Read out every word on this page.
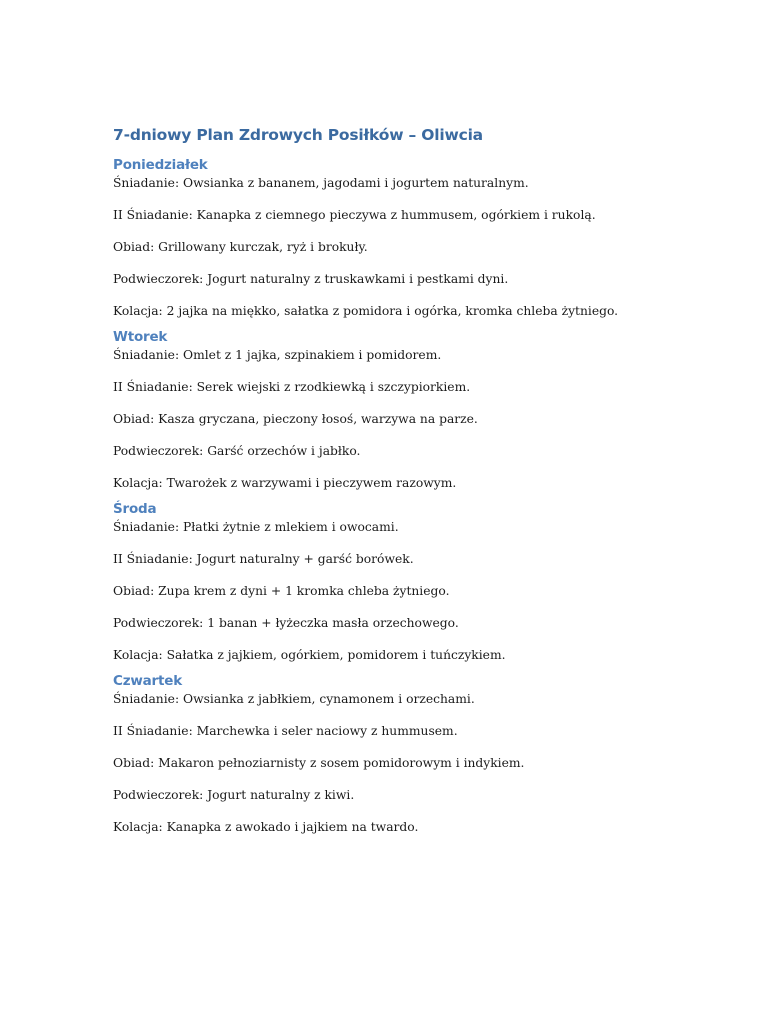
7-dniowy Plan Zdrowych Posiłków – Oliwcia
Poniedziałek

Śniadanie: Owsianka z bananem, jagodami i jogurtem naturalnym.

II Śniadanie: Kanapka z ciemnego pieczywa z hummusem, ogórkiem i rukolą.

Obiad: Grillowany kurczak, ryż i brokuły.

Podwieczorek: Jogurt naturalny z truskawkami i pestkami dyni.

Kolacja: 2 jajka na miękko, sałatka z pomidora i ogórka, kromka chleba żytniego.

Wtorek

Śniadanie: Omlet z 1 jajka, szpinakiem i pomidorem.

II Śniadanie: Serek wiejski z rzodkiewką i szczypiorkiem.

Obiad: Kasza gryczana, pieczony łosoś, warzywa na parze.

Podwieczorek: Garść orzechów i jabłko.

Kolacja: Twarożek z warzywami i pieczywem razowym.

Środa

Śniadanie: Płatki żytnie z mlekiem i owocami.

II Śniadanie: Jogurt naturalny + garść borówek.

Obiad: Zupa krem z dyni + 1 kromka chleba żytniego.

Podwieczorek: 1 banan + łyżeczka masła orzechowego.

Kolacja: Sałatka z jajkiem, ogórkiem, pomidorem i tuńczykiem.

Czwartek

Śniadanie: Owsianka z jabłkiem, cynamonem i orzechami.

II Śniadanie: Marchewka i seler naciowy z hummusem.

Obiad: Makaron pełnoziarnisty z sosem pomidorowym i indykiem.

Podwieczorek: Jogurt naturalny z kiwi.

Kolacja: Kanapka z awokado i jajkiem na twardo.
